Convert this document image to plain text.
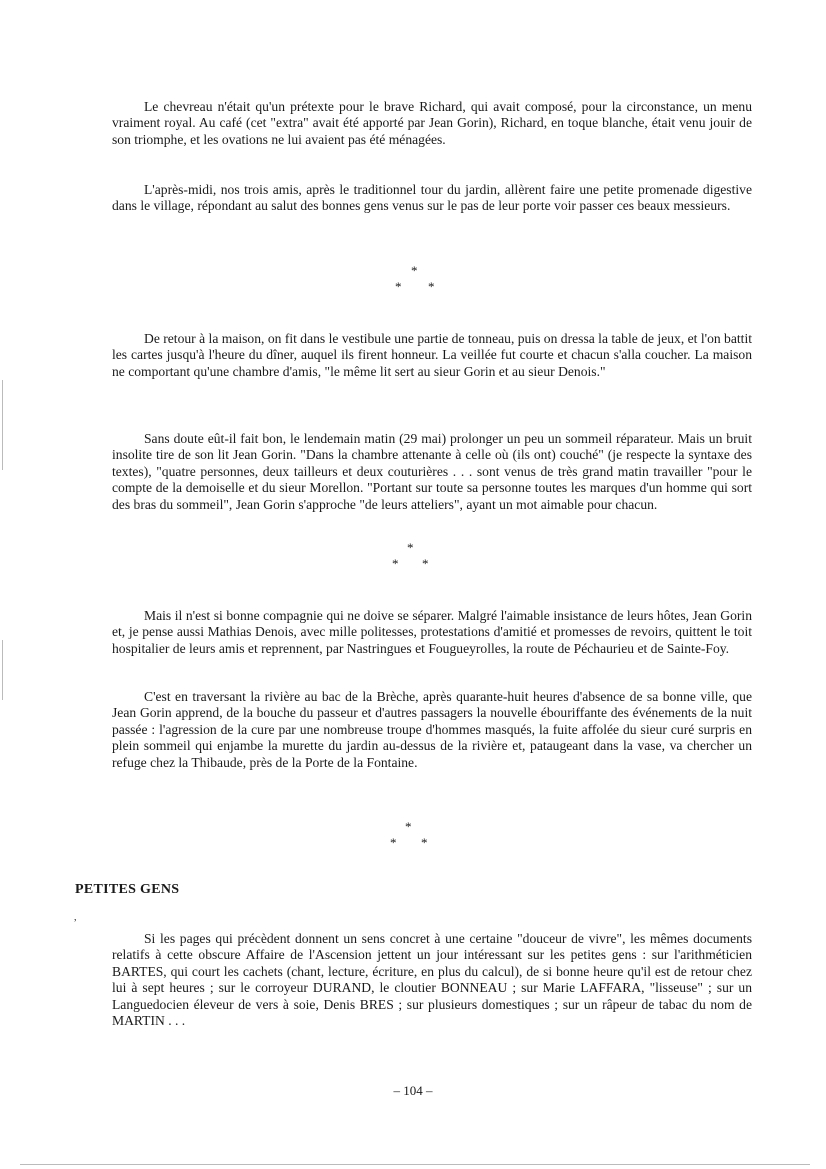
Le chevreau n'était qu'un prétexte pour le brave Richard, qui avait composé, pour la circonstance, un menu vraiment royal. Au café (cet "extra" avait été apporté par Jean Gorin), Richard, en toque blanche, était venu jouir de son triomphe, et les ovations ne lui avaient pas été ménagées.

L'après-midi, nos trois amis, après le traditionnel tour du jardin, allèrent faire une petite promenade digestive dans le village, répondant au salut des bonnes gens venus sur le pas de leur porte voir passer ces beaux messieurs.

*
* *

De retour à la maison, on fit dans le vestibule une partie de tonneau, puis on dressa la table de jeux, et l'on battit les cartes jusqu'à l'heure du dîner, auquel ils firent honneur. La veillée fut courte et chacun s'alla coucher. La maison ne comportant qu'une chambre d'amis, "le même lit sert au sieur Gorin et au sieur Denois."

Sans doute eût-il fait bon, le lendemain matin (29 mai) prolonger un peu un sommeil réparateur. Mais un bruit insolite tire de son lit Jean Gorin. "Dans la chambre attenante à celle où (ils ont) couché" (je respecte la syntaxe des textes), "quatre personnes, deux tailleurs et deux couturières . . . sont venus de très grand matin travailler "pour le compte de la demoiselle et du sieur Morellon. "Portant sur toute sa personne toutes les marques d'un homme qui sort des bras du sommeil", Jean Gorin s'approche "de leurs atteliers", ayant un mot aimable pour chacun.

*
* *

Mais il n'est si bonne compagnie qui ne doive se séparer. Malgré l'aimable insistance de leurs hôtes, Jean Gorin et, je pense aussi Mathias Denois, avec mille politesses, protestations d'amitié et promesses de revoirs, quittent le toit hospitalier de leurs amis et reprennent, par Nastringues et Fougueyrolles, la route de Péchaurieu et de Sainte-Foy.

C'est en traversant la rivière au bac de la Brèche, après quarante-huit heures d'absence de sa bonne ville, que Jean Gorin apprend, de la bouche du passeur et d'autres passagers la nouvelle ébouriffante des événements de la nuit passée : l'agression de la cure par une nombreuse troupe d'hommes masqués, la fuite affolée du sieur curé surpris en plein sommeil qui enjambe la murette du jardin au-dessus de la rivière et, pataugeant dans la vase, va chercher un refuge chez la Thibaude, près de la Porte de la Fontaine.

*
* *
PETITES GENS
,

Si les pages qui précèdent donnent un sens concret à une certaine "douceur de vivre", les mêmes documents relatifs à cette obscure Affaire de l'Ascension jettent un jour intéressant sur les petites gens : sur l'arithméticien BARTES, qui court les cachets (chant, lecture, écriture, en plus du calcul), de si bonne heure qu'il est de retour chez lui à sept heures ; sur le corroyeur DURAND, le cloutier BONNEAU ; sur Marie LAFFARA, "lisseuse" ; sur un Languedocien éleveur de vers à soie, Denis BRES ; sur plusieurs domestiques ; sur un râpeur de tabac du nom de MARTIN . . .

– 104 –
